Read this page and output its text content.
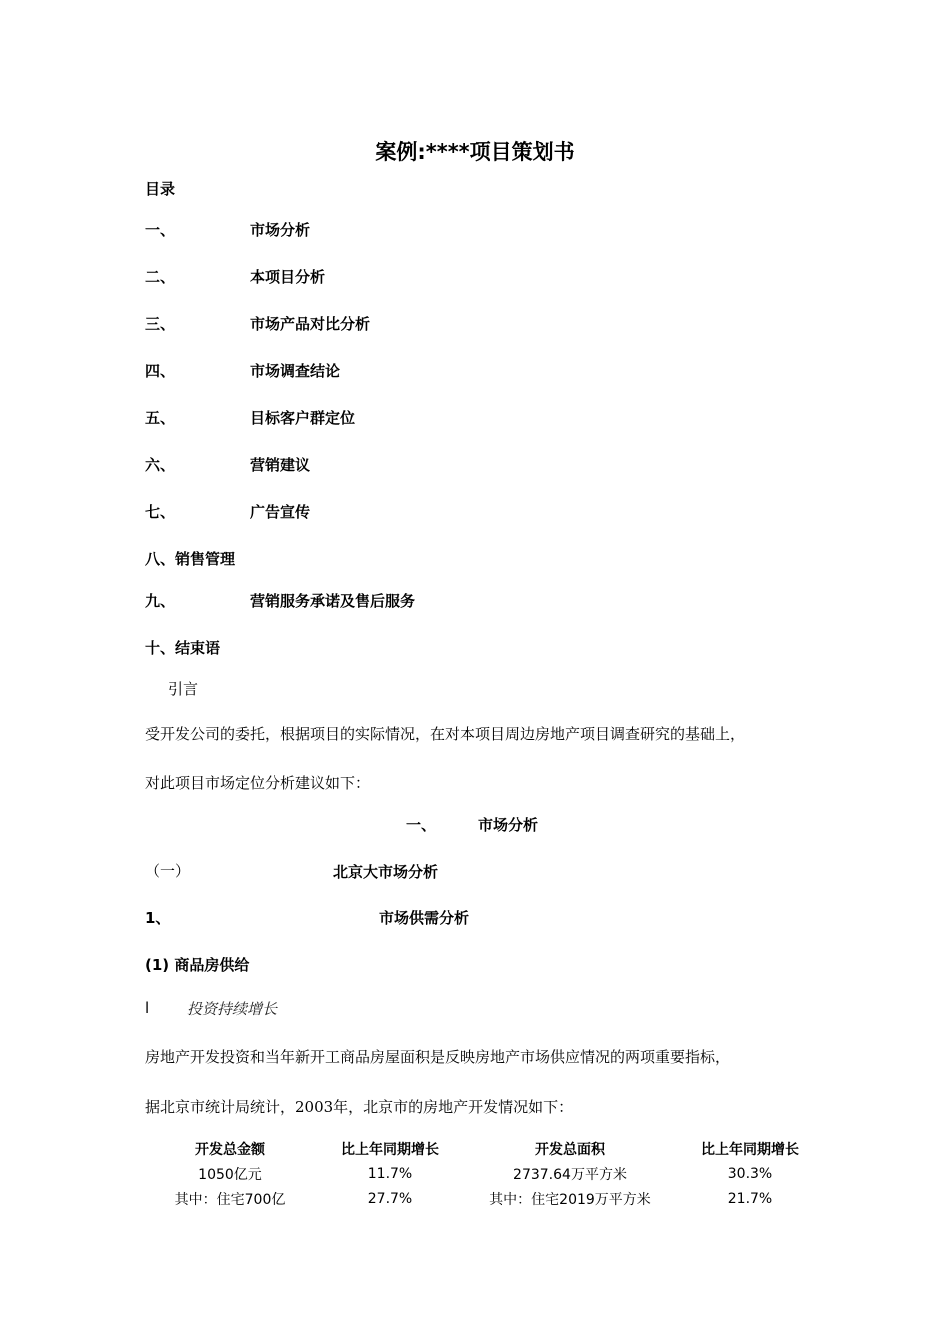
案例:****项目策划书
目录
一、	市场分析
二、	本项目分析
三、	市场产品对比分析
四、	市场调查结论
五、	目标客户群定位
六、	营销建议
七、	广告宣传
八、销售管理
九、	营销服务承诺及售后服务
十、结束语
引言
受开发公司的委托，根据项目的实际情况，在对本项目周边房地产项目调查研究的基础上，
对此项目市场定位分析建议如下：
一、	市场分析
（一）	北京大市场分析
1、	市场供需分析
(1) 商品房供给
l	投资持续增长
房地产开发投资和当年新开工商品房屋面积是反映房地产市场供应情况的两项重要指标，
据北京市统计局统计，2003年，北京市的房地产开发情况如下：
开发总金额	比上年同期增长	开发总面积	比上年同期增长
1050亿元	11.7%	2737.64万平方米	30.3%
其中：住宅700亿	27.7%	其中：住宅2019万平方米	21.7%
